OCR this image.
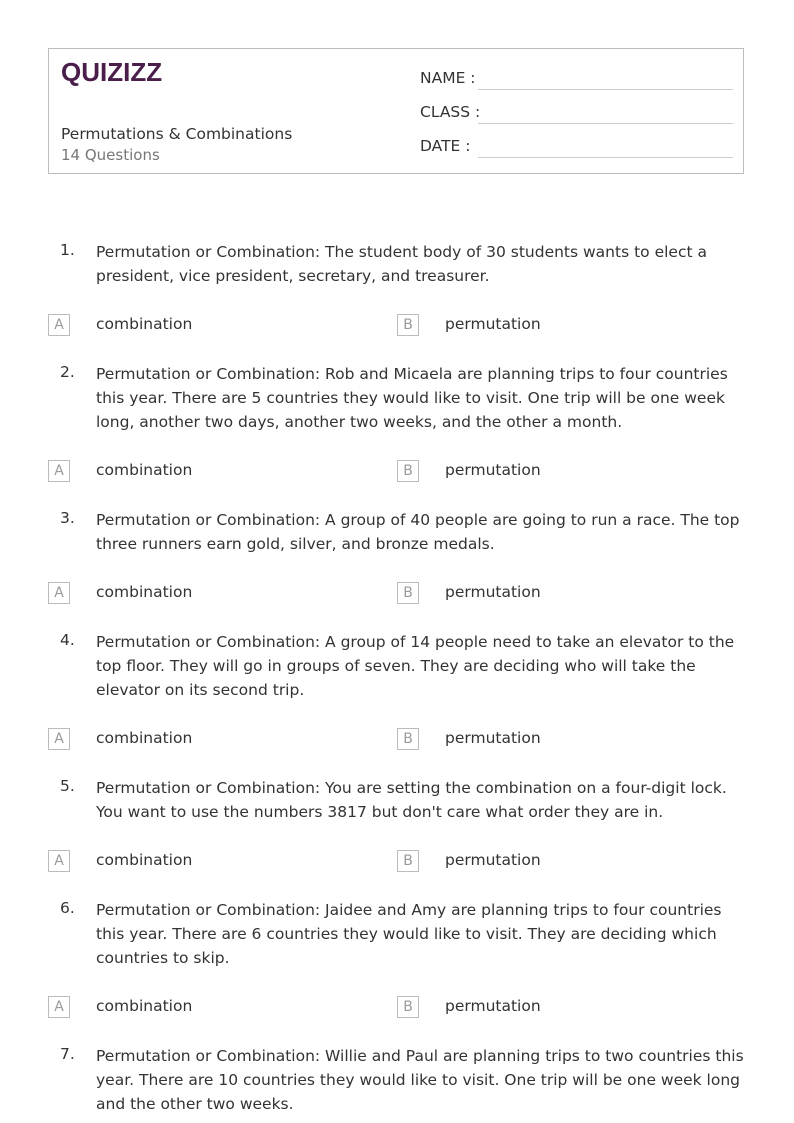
QUIZIZZ
Permutations & Combinations
14 Questions
NAME :
CLASS :
DATE :
1.	Permutation or Combination: The student body of 30 students wants to elect a president, vice president, secretary, and treasurer.
A	combination	B	permutation
2.	Permutation or Combination: Rob and Micaela are planning trips to four countries this year. There are 5 countries they would like to visit. One trip will be one week long, another two days, another two weeks, and the other a month.
A	combination	B	permutation
3.	Permutation or Combination: A group of 40 people are going to run a race. The top three runners earn gold, silver, and bronze medals.
A	combination	B	permutation
4.	Permutation or Combination: A group of 14 people need to take an elevator to the top floor. They will go in groups of seven. They are deciding who will take the elevator on its second trip.
A	combination	B	permutation
5.	Permutation or Combination: You are setting the combination on a four-digit lock. You want to use the numbers 3817 but don't care what order they are in.
A	combination	B	permutation
6.	Permutation or Combination: Jaidee and Amy are planning trips to four countries this year. There are 6 countries they would like to visit. They are deciding which countries to skip.
A	combination	B	permutation
7.	Permutation or Combination: Willie and Paul are planning trips to two countries this year. There are 10 countries they would like to visit. One trip will be one week long and the other two weeks.
